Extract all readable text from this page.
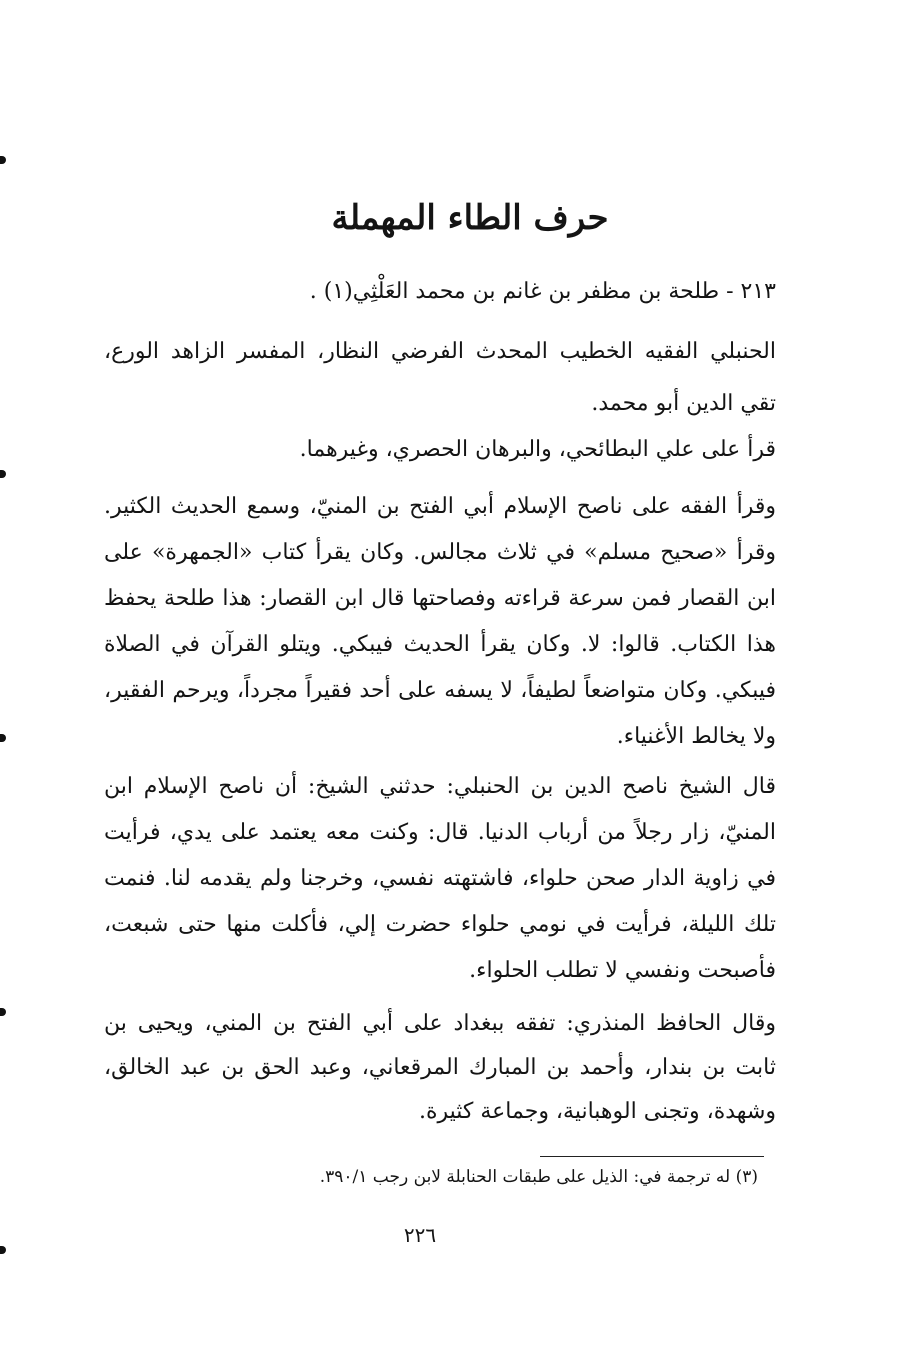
حرف الطاء المهملة

٢١٣ - طلحة بن مظفر بن غانم بن محمد العَلْثِي(١) .

الحنبلي الفقيه الخطيب المحدث الفرضي النظار، المفسر الزاهد الورع، تقي الدين أبو محمد.

قرأ على علي البطائحي، والبرهان الحصري، وغيرهما.

وقرأ الفقه على ناصح الإسلام أبي الفتح بن المنيّ، وسمع الحديث الكثير. وقرأ «صحيح مسلم» في ثلاث مجالس. وكان يقرأ كتاب «الجمهرة» على ابن القصار فمن سرعة قراءته وفصاحتها قال ابن القصار: هذا طلحة يحفظ هذا الكتاب. قالوا: لا. وكان يقرأ الحديث فيبكي. ويتلو القرآن في الصلاة فيبكي. وكان متواضعاً لطيفاً، لا يسفه على أحد فقيراً مجرداً، ويرحم الفقير، ولا يخالط الأغنياء.

قال الشيخ ناصح الدين بن الحنبلي: حدثني الشيخ: أن ناصح الإسلام ابن المنيّ، زار رجلاً من أرباب الدنيا. قال: وكنت معه يعتمد على يدي، فرأيت في زاوية الدار صحن حلواء، فاشتهته نفسي، وخرجنا ولم يقدمه لنا. فنمت تلك الليلة، فرأيت في نومي حلواء حضرت إلي، فأكلت منها حتى شبعت، فأصبحت ونفسي لا تطلب الحلواء.

وقال الحافظ المنذري: تفقه ببغداد على أبي الفتح بن المني، ويحيى بن ثابت بن بندار، وأحمد بن المبارك المرقعاني، وعبد الحق بن عبد الخالق، وشهدة، وتجنى الوهبانية، وجماعة كثيرة.

(٣) له ترجمة في: الذيل على طبقات الحنابلة لابن رجب ٣٩٠/١.

٢٢٦
